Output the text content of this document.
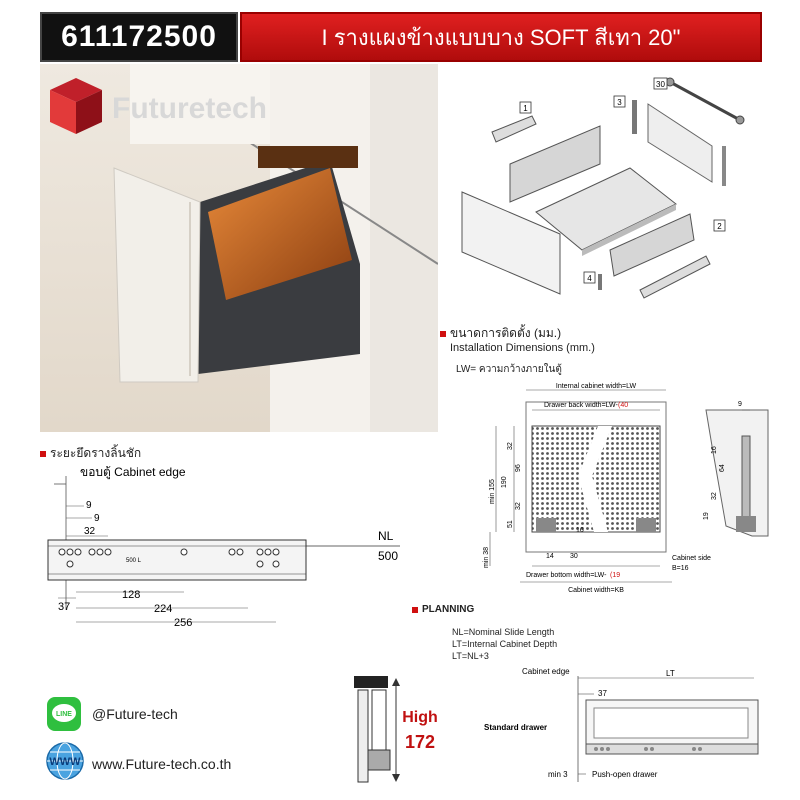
611172500	I รางแผงข้างแบบบาง SOFT สีเทา 20"
Futuretech	1
3
30
2
4
ขนาดการติดตั้ง (มม.)
Installation Dimensions (mm.)
LW= ความกว้างภายในตู้
Internal cabinet width=LW
Drawer back width=LW- (40
Drawer bottom width=LW- (19
Cabinet width=KB
Cabinet side
B=16
min 155
min 38
32
96
190
32
51
16
14 30
9
16
64
32
19
ระยะยึดรางลิ้นชัก
ขอบตู้ Cabinet edge
500 L
9
9
32	NL
500
37
128
224
256
PLANNING
NL=Nominal Slide Length
LT=Internal Cabinet Depth
LT=NL+3
Cabinet edge	LT
37
Standard drawer
min 3	Push-open drawer
High
172
LINE @Future-tech
WWW www.Future-tech.co.th
